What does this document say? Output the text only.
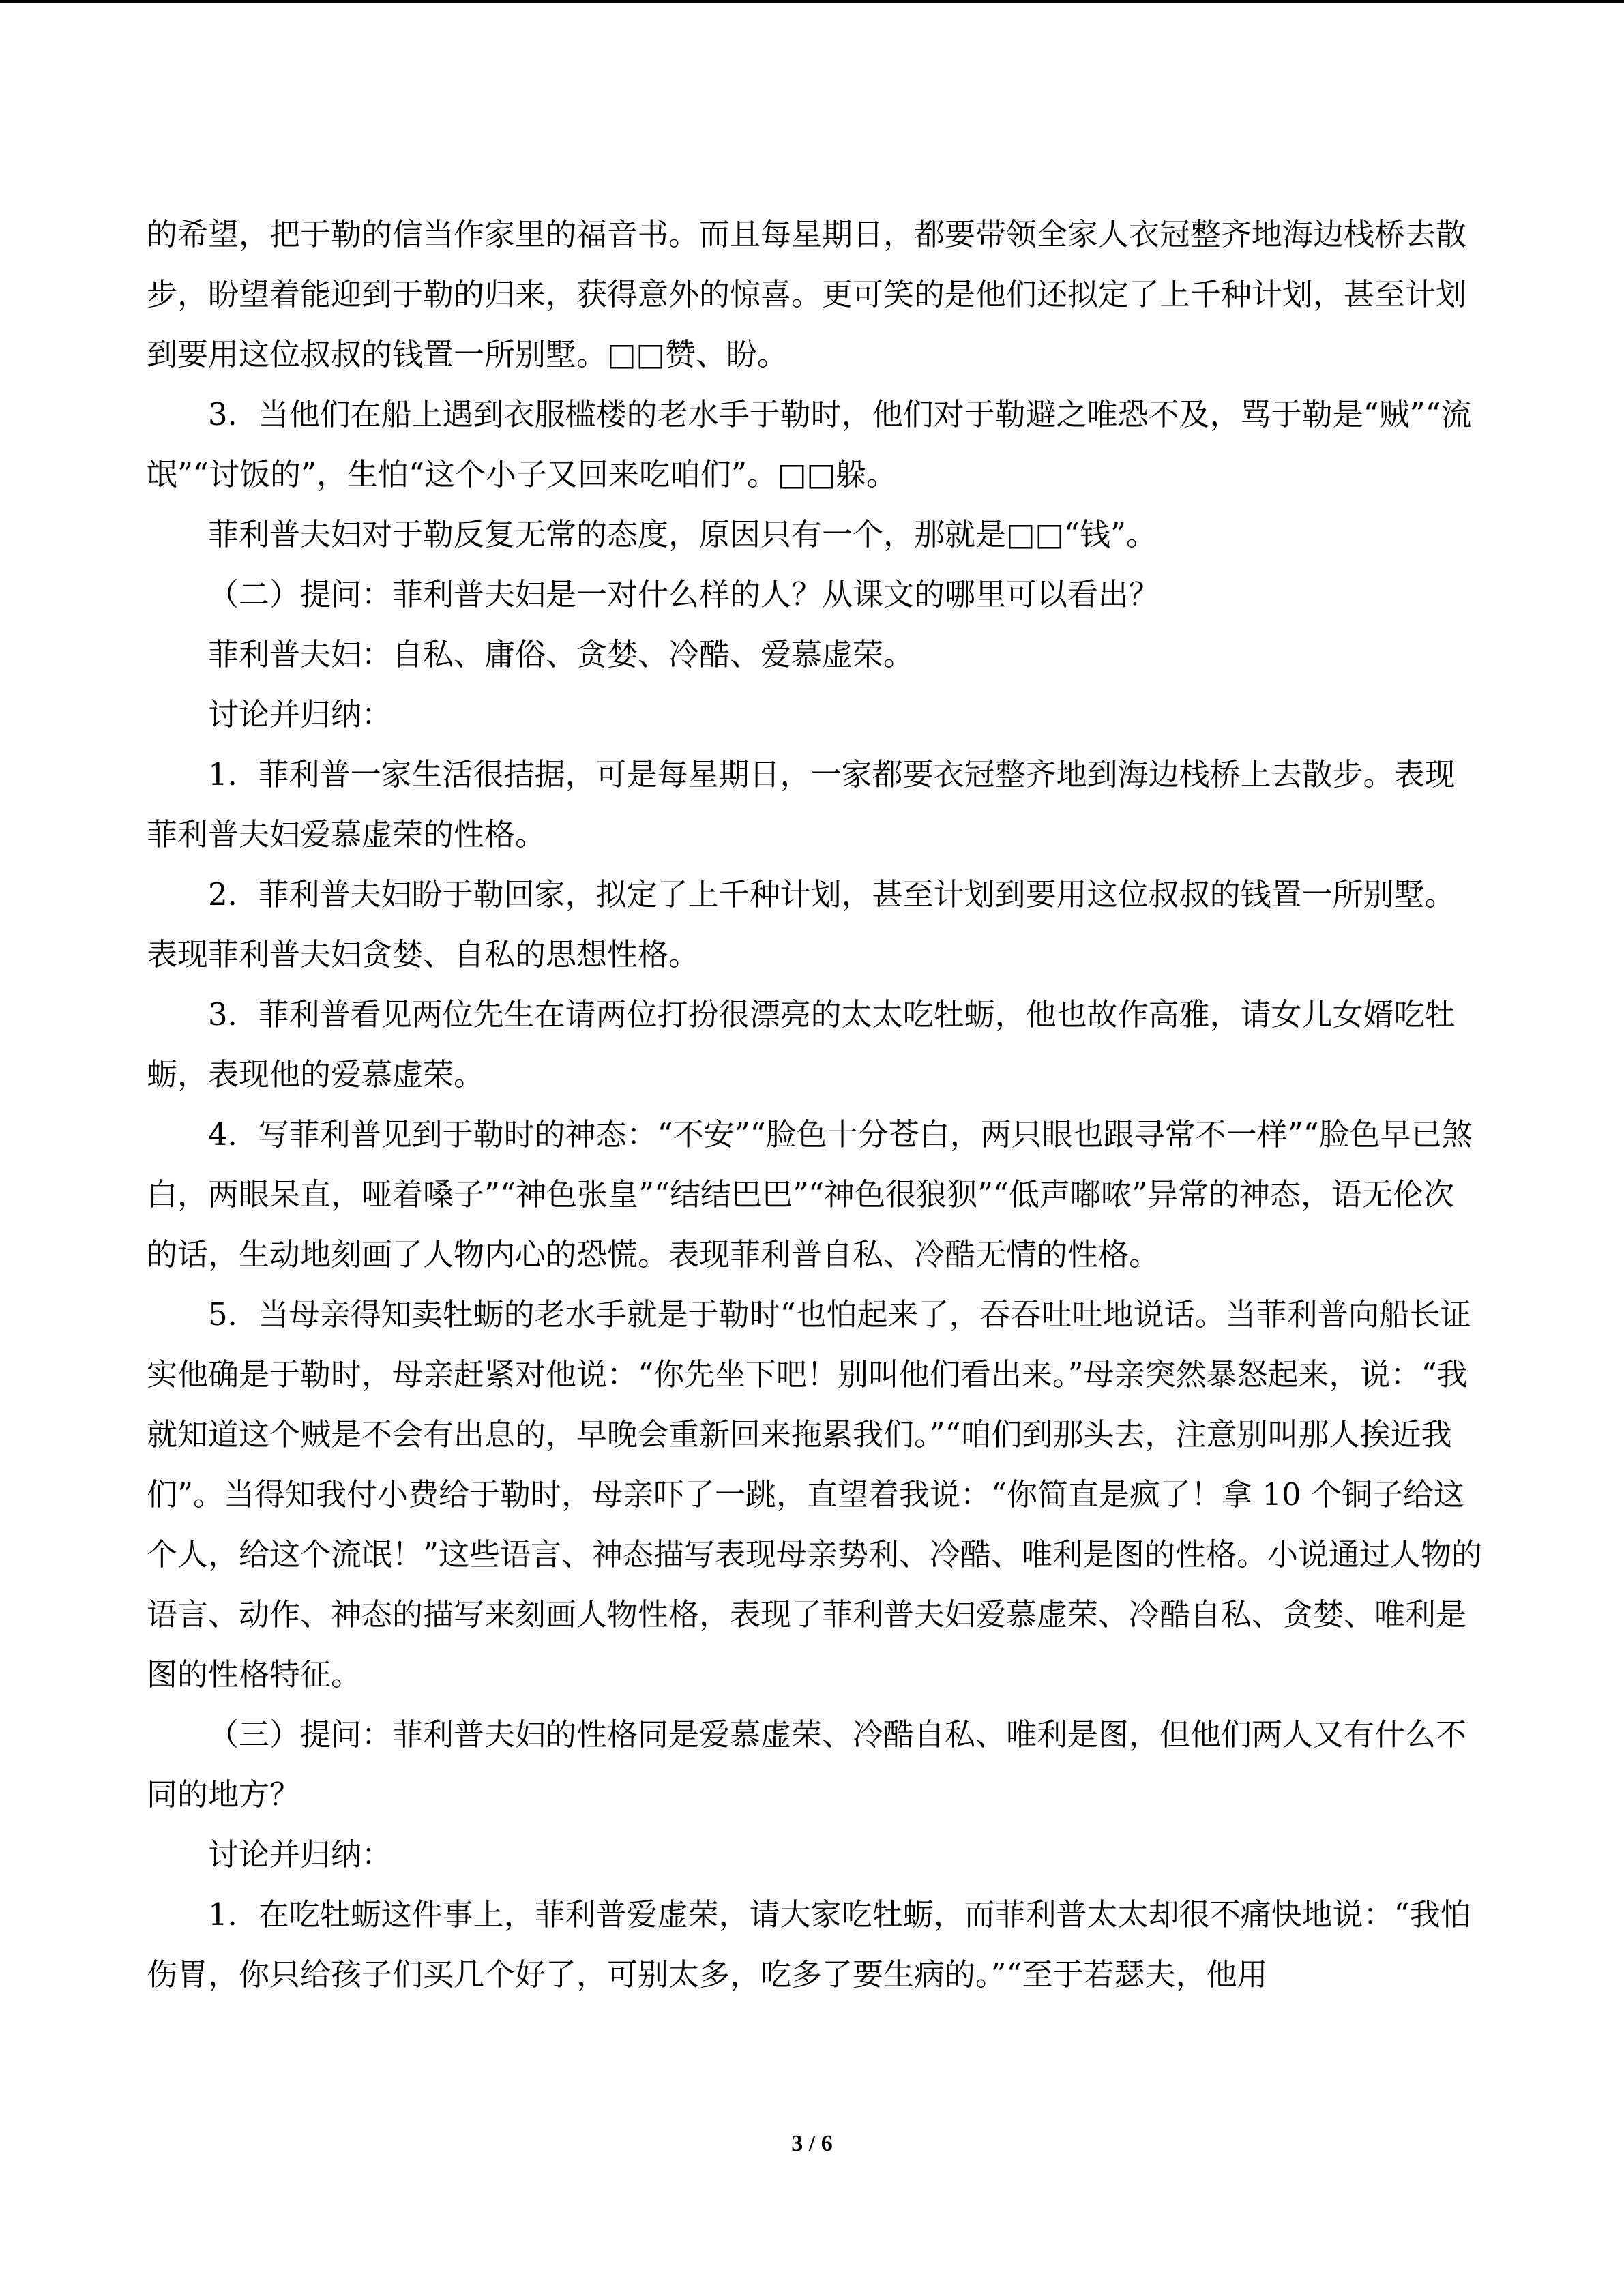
的希望，把于勒的信当作家里的福音书。而且每星期日，都要带领全家人衣冠整齐地海边栈桥去散步，盼望着能迎到于勒的归来，获得意外的惊喜。更可笑的是他们还拟定了上千种计划，甚至计划到要用这位叔叔的钱置一所别墅。□□赞、盼。

3．当他们在船上遇到衣服槛楼的老水手于勒时，他们对于勒避之唯恐不及，骂于勒是“贼”“流氓”“讨饭的”，生怕“这个小子又回来吃咱们”。□□躲。

菲利普夫妇对于勒反复无常的态度，原因只有一个，那就是□□“钱”。

（二）提问：菲利普夫妇是一对什么样的人？从课文的哪里可以看出？

菲利普夫妇：自私、庸俗、贪婪、冷酷、爱慕虚荣。

讨论并归纳：

1．菲利普一家生活很拮据，可是每星期日，一家都要衣冠整齐地到海边栈桥上去散步。表现菲利普夫妇爱慕虚荣的性格。

2．菲利普夫妇盼于勒回家，拟定了上千种计划，甚至计划到要用这位叔叔的钱置一所别墅。表现菲利普夫妇贪婪、自私的思想性格。

3．菲利普看见两位先生在请两位打扮很漂亮的太太吃牡蛎，他也故作高雅，请女儿女婿吃牡蛎，表现他的爱慕虚荣。

4．写菲利普见到于勒时的神态：“不安”“脸色十分苍白，两只眼也跟寻常不一样”“脸色早已煞白，两眼呆直，哑着嗓子”“神色张皇”“结结巴巴”“神色很狼狈”“低声嘟哝”异常的神态，语无伦次的话，生动地刻画了人物内心的恐慌。表现菲利普自私、冷酷无情的性格。

5．当母亲得知卖牡蛎的老水手就是于勒时“也怕起来了，吞吞吐吐地说话。当菲利普向船长证实他确是于勒时，母亲赶紧对他说：“你先坐下吧！别叫他们看出来。”母亲突然暴怒起来，说：“我就知道这个贼是不会有出息的，早晚会重新回来拖累我们。”“咱们到那头去，注意别叫那人挨近我们”。当得知我付小费给于勒时，母亲吓了一跳，直望着我说：“你简直是疯了！拿 10 个铜子给这个人，给这个流氓！”这些语言、神态描写表现母亲势利、冷酷、唯利是图的性格。小说通过人物的语言、动作、神态的描写来刻画人物性格，表现了菲利普夫妇爱慕虚荣、冷酷自私、贪婪、唯利是图的性格特征。

（三）提问：菲利普夫妇的性格同是爱慕虚荣、冷酷自私、唯利是图，但他们两人又有什么不同的地方？

讨论并归纳：

1．在吃牡蛎这件事上，菲利普爱虚荣，请大家吃牡蛎，而菲利普太太却很不痛快地说：“我怕伤胃，你只给孩子们买几个好了，可别太多，吃多了要生病的。”“至于若瑟夫，他用

3 / 6
